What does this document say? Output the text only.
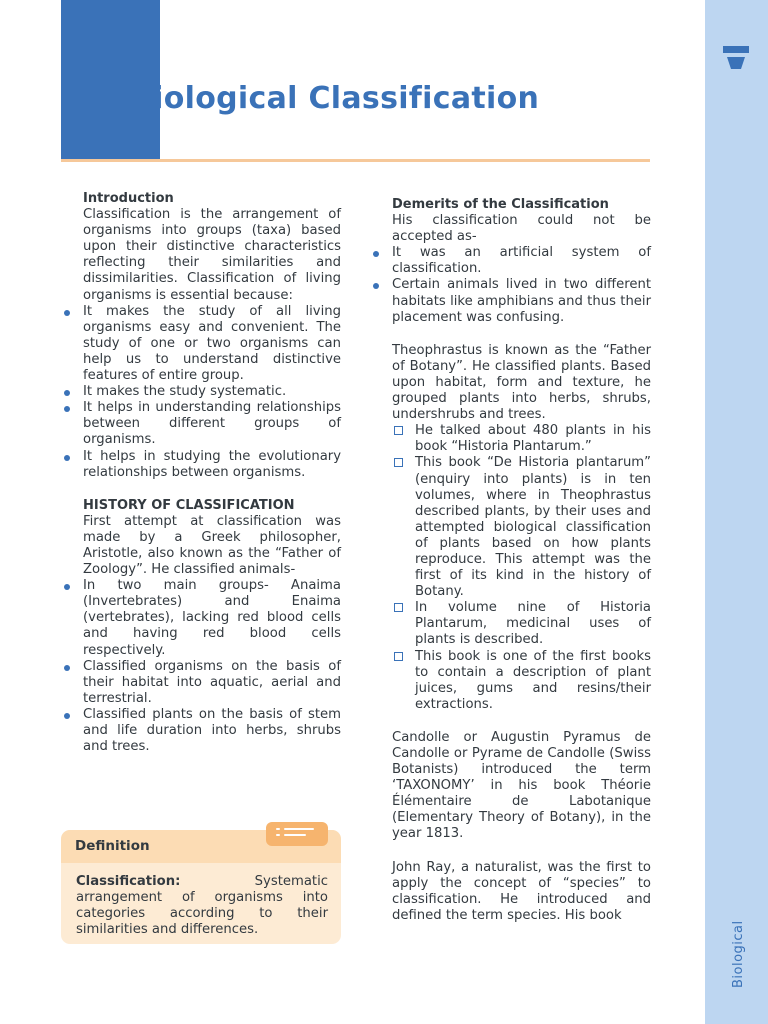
Biological Classification
Biological

Introduction

Classification is the arrangement of organisms into groups (taxa) based upon their distinctive characteristics reflecting their similarities and dissimilarities. Classification of living organisms is essential because:

It makes the study of all living organisms easy and convenient. The study of one or two organisms can help us to understand distinctive features of entire group.
It makes the study systematic.
It helps in understanding relationships between different groups of organisms.
It helps in studying the evolutionary relationships between organisms.

HISTORY OF CLASSIFICATION

First attempt at classification was made by a Greek philosopher, Aristotle, also known as the “Father of Zoology”. He classified animals-

In two main groups- Anaima (Invertebrates) and Enaima (vertebrates), lacking red blood cells and having red blood cells respectively.
Classified organisms on the basis of their habitat into aquatic, aerial and terrestrial.
Classified plants on the basis of stem and life duration into herbs, shrubs and trees.
Definition

Classification: Systematic arrangement of organisms into categories according to their similarities and differences.

Demerits of the Classification

His classification could not be accepted as-

It was an artificial system of classification.
Certain animals lived in two different habitats like amphibians and thus their placement was confusing.

Theophrastus is known as the “Father of Botany”. He classified plants. Based upon habitat, form and texture, he grouped plants into herbs, shrubs, undershrubs and trees.

He talked about 480 plants in his book “Historia Plantarum.”
This book “De Historia plantarum” (enquiry into plants) is in ten volumes, where in Theophrastus described plants, by their uses and attempted biological classification of plants based on how plants reproduce. This attempt was the first of its kind in the history of Botany.
In volume nine of Historia Plantarum, medicinal uses of plants is described.
This book is one of the first books to contain a description of plant juices, gums and resins/their extractions.

Candolle or Augustin Pyramus de Candolle or Pyrame de Candolle (Swiss Botanists) introduced the term ‘TAXONOMY’ in his book Théorie Élémentaire de Labotanique (Elementary Theory of Botany), in the year 1813.

John Ray, a naturalist, was the first to apply the concept of “species” to classification. He introduced and defined the term species. His book
